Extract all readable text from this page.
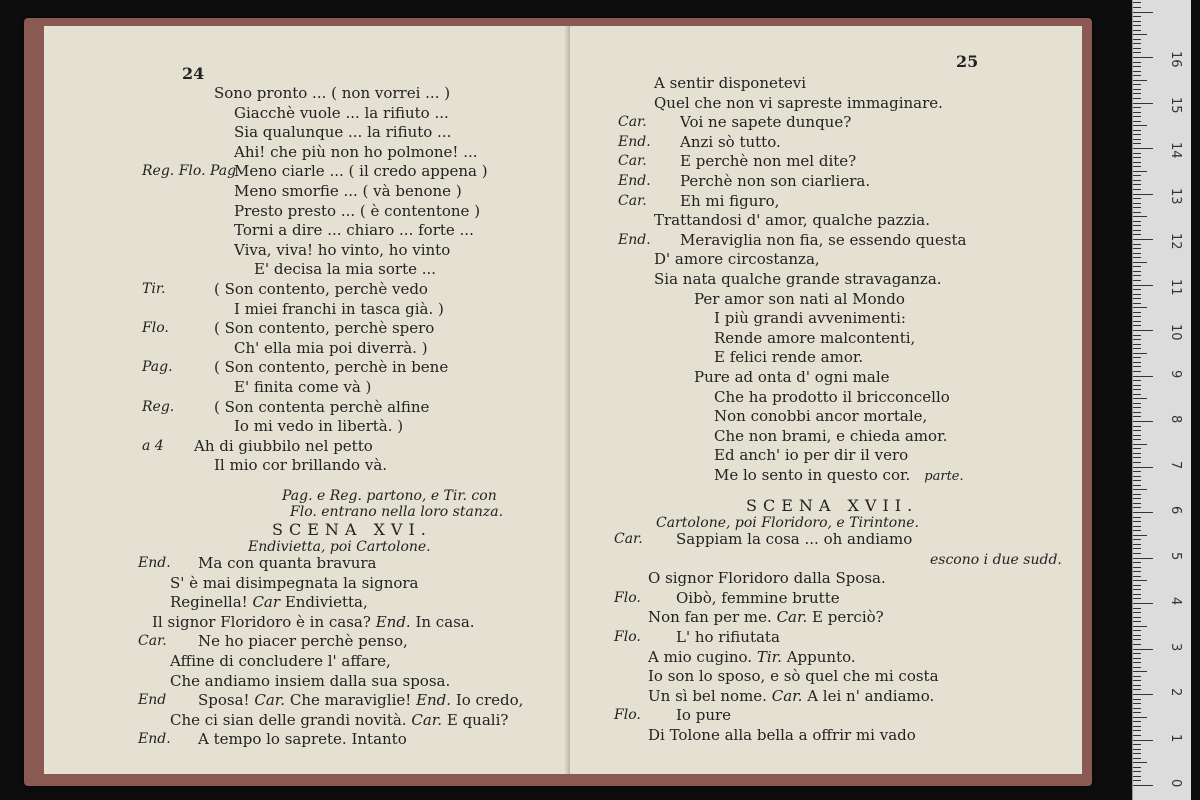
24
Sono pronto ... ( non vorrei ... )
Giacchè vuole ... la rifiuto ...
Sia qualunque ... la rifiuto ...
Ahi! che più non ho polmone! ...
Reg. Flo. Pag
Meno ciarle ... ( il credo appena )
Meno smorfie ... ( và benone )
Presto presto ... ( è contentone )
Torni a dire ... chiaro ... forte ...
Viva, viva! ho vinto, ho vinto
E' decisa la mia sorte ...
Tir.	( Son contento, perchè vedo
I miei franchi in tasca già. )
Flo.	( Son contento, perchè spero
Ch' ella mia poi diverrà. )
Pag.	( Son contento, perchè in bene
E' finita come và )
Reg.	( Son contenta perchè alfine
Io mi vedo in libertà. )
a 4 Ah di giubbilo nel petto
Il mio cor brillando và.
Pag. e Reg. partono, e Tir. con
Flo. entrano nella loro stanza.
SCENA XVI.
Endivietta, poi Cartolone.
End. Ma con quanta bravura
S' è mai disimpegnata la signora
Reginella! Car Endivietta,
Il signor Floridoro è in casa? End. In casa.
Car. Ne ho piacer perchè penso,
Affine di concludere l' affare,
Che andiamo insiem dalla sua sposa.
End Sposa! Car. Che maraviglie! End. Io credo,
Che ci sian delle grandi novità. Car. E quali?
End. A tempo lo saprete. Intanto
25
A sentir disponetevi
Quel che non vi sapreste immaginare.
Car. Voi ne sapete dunque?
End. Anzi sò tutto.
Car. E perchè non mel dite?
End. Perchè non son ciarliera.
Car. Eh mi figuro,
Trattandosi d' amor, qualche pazzia.
End. Meraviglia non fia, se essendo questa
D' amore circostanza,
Sia nata qualche grande stravaganza.
Per amor son nati al Mondo
I più grandi avvenimenti:
Rende amore malcontenti,
E felici rende amor.
Pure ad onta d' ogni male
Che ha prodotto il bricconcello
Non conobbi ancor mortale,
Che non brami, e chieda amor.
Ed anch' io per dir il vero
Me lo sento in questo cor. parte.
SCENA XVII.
Cartolone, poi Floridoro, e Tirintone.
Car. Sappiam la cosa ... oh andiamo
escono i due sudd.
O signor Floridoro dalla Sposa.
Flo. Oibò, femmine brutte
Non fan per me. Car. E perciò?
Flo. L' ho rifiutata
A mio cugino. Tir. Appunto.
Io son lo sposo, e sò quel che mi costa
Un sì bel nome. Car. A lei n' andiamo.
Flo. Io pure
Di Tolone alla bella a offrir mi vado
0
1
2
3
4
5
6
7
8
9
10
11
12
13
14
15
16
